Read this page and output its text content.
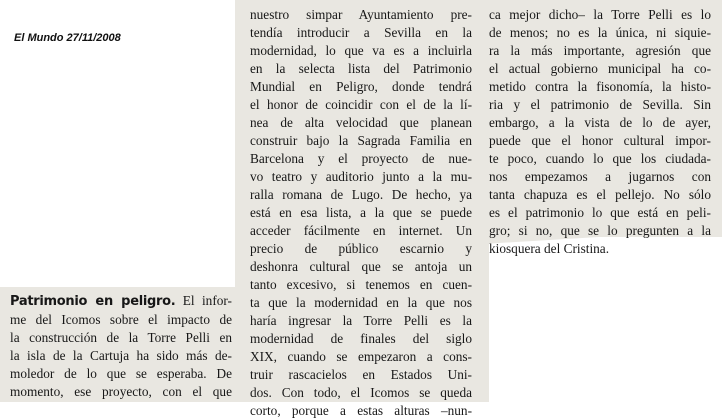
El Mundo 27/11/2008

Patrimonio en peligro. El infor-
me del Icomos sobre el impacto de
la construcción de la Torre Pelli en
la isla de la Cartuja ha sido más de-
moledor de lo que se esperaba. De
momento, ese proyecto, con el que
nuestro simpar Ayuntamiento pre-
tendía introducir a Sevilla en la
modernidad, lo que va es a incluirla
en la selecta lista del Patrimonio
Mundial en Peligro, donde tendrá
el honor de coincidir con el de la lí-
nea de alta velocidad que planean
construir bajo la Sagrada Familia en
Barcelona y el proyecto de nue-
vo teatro y auditorio junto a la mu-
ralla romana de Lugo. De hecho, ya
está en esa lista, a la que se puede
acceder fácilmente en internet. Un
precio de público escarnio y
deshonra cultural que se antoja un
tanto excesivo, si tenemos en cuen-
ta que la modernidad en la que nos
haría ingresar la Torre Pelli es la
modernidad de finales del siglo
XIX, cuando se empezaron a cons-
truir rascacielos en Estados Uni-
dos. Con todo, el Icomos se queda
corto, porque a estas alturas –nun-
ca mejor dicho– la Torre Pelli es lo
de menos; no es la única, ni siquie-
ra la más importante, agresión que
el actual gobierno municipal ha co-
metido contra la fisonomía, la histo-
ria y el patrimonio de Sevilla. Sin
embargo, a la vista de lo de ayer,
puede que el honor cultural impor-
te poco, cuando lo que los ciudada-
nos empezamos a jugarnos con
tanta chapuza es el pellejo. No sólo
es el patrimonio lo que está en peli-
gro; si no, que se lo pregunten a la
kiosquera del Cristina.
